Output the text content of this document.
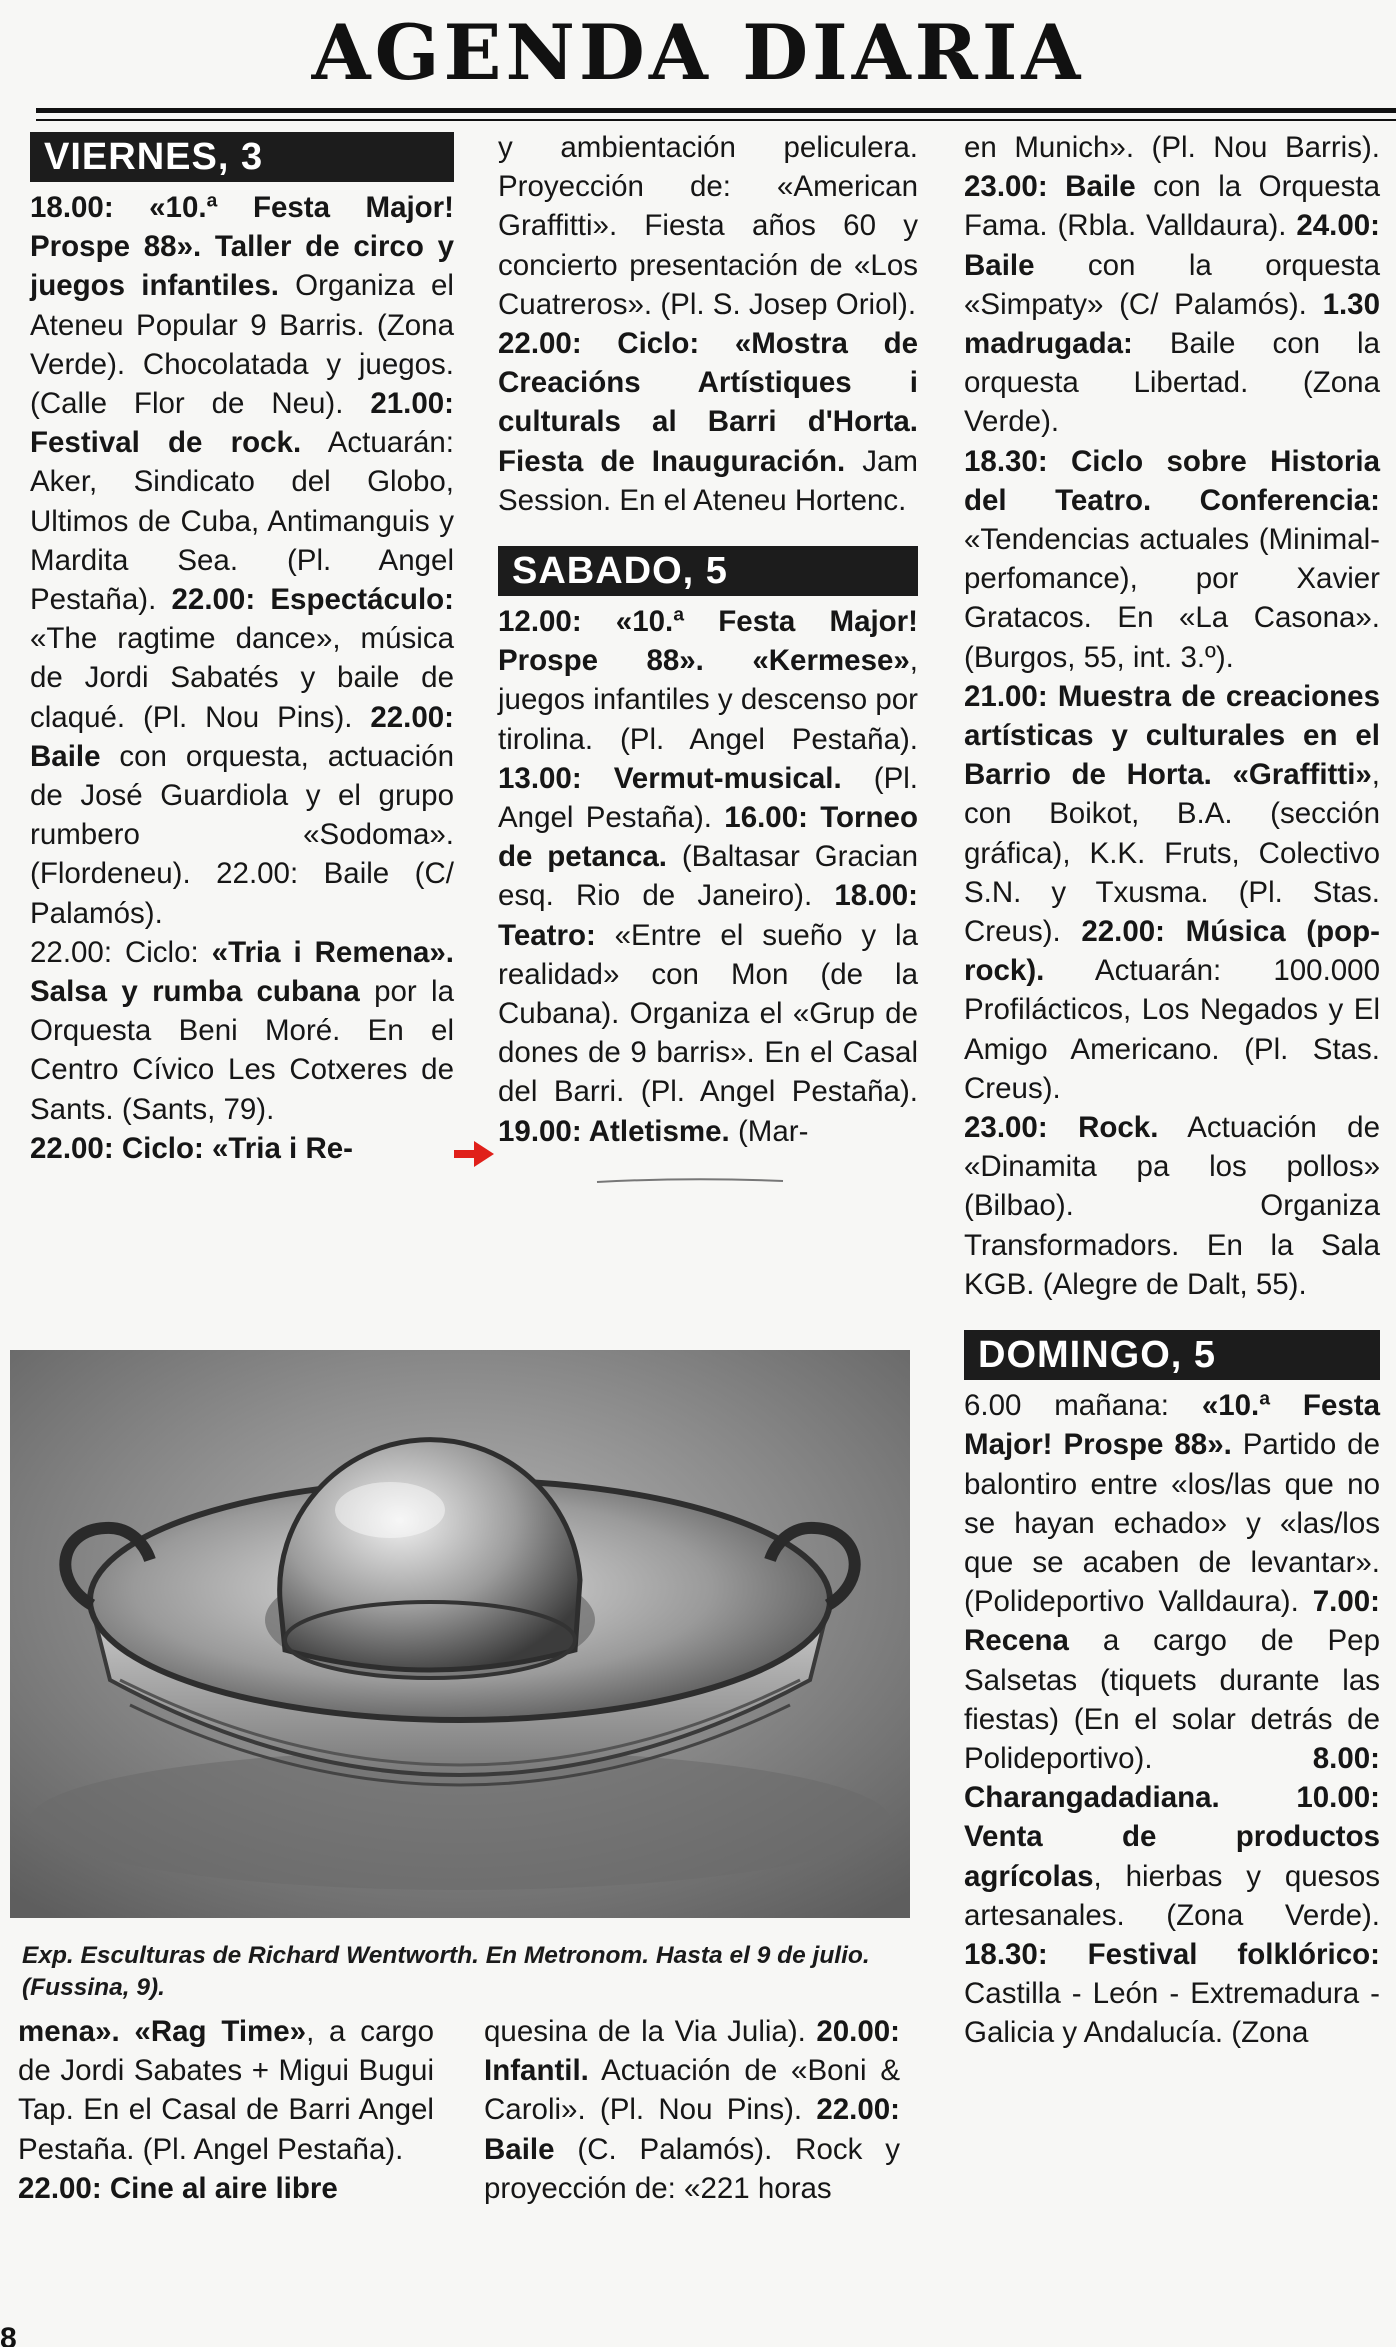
AGENDA DIARIA
VIERNES, 3

18.00: «10.ª Festa Major! Prospe 88». Taller de circo y juegos infantiles. Organiza el Ateneu Popular 9 Barris. (Zona Verde). Chocolatada y juegos. (Calle Flor de Neu). 21.00: Festival de rock. Actuarán: Aker, Sindicato del Globo, Ultimos de Cuba, Antimanguis y Mardita Sea. (Pl. Angel Pestaña). 22.00: Espectáculo: «The ragtime dance», música de Jordi Sabatés y baile de claqué. (Pl. Nou Pins). 22.00: Baile con orquesta, actuación de José Guardiola y el grupo rumbero «Sodoma». (Flordeneu). 22.00: Baile (C/ Palamós).

22.00: Ciclo: «Tria i Remena». Salsa y rumba cubana por la Orquesta Beni Moré. En el Centro Cívico Les Cotxeres de Sants. (Sants, 79).

22.00: Ciclo: «Tria i Re-

y ambientación peliculera. Proyección de: «American Graffitti». Fiesta años 60 y concierto presentación de «Los Cuatreros». (Pl. S. Josep Oriol).

22.00: Ciclo: «Mostra de Creacións Artístiques i culturals al Barri d'Horta. Fiesta de Inauguración. Jam Session. En el Ateneu Hortenc.

SABADO, 5

12.00: «10.ª Festa Major! Prospe 88». «Kermese», juegos infantiles y descenso por tirolina. (Pl. Angel Pestaña). 13.00: Vermut-musical. (Pl. Angel Pestaña). 16.00: Torneo de petanca. (Baltasar Gracian esq. Rio de Janeiro). 18.00: Teatro: «Entre el sueño y la realidad» con Mon (de la Cubana). Organiza el «Grup de dones de 9 barris». En el Casal del Barri. (Pl. Angel Pestaña). 19.00: Atletisme. (Mar-

en Munich». (Pl. Nou Barris). 23.00: Baile con la Orquesta Fama. (Rbla. Valldaura). 24.00: Baile con la orquesta «Simpaty» (C/ Palamós). 1.30 madrugada: Baile con la orquesta Libertad. (Zona Verde).

18.30: Ciclo sobre Historia del Teatro. Conferencia: «Tendencias actuales (Minimal-perfomance), por Xavier Gratacos. En «La Casona». (Burgos, 55, int. 3.º).

21.00: Muestra de creaciones artísticas y culturales en el Barrio de Horta. «Graffitti», con Boikot, B.A. (sección gráfica), K.K. Fruts, Colectivo S.N. y Txusma. (Pl. Stas. Creus). 22.00: Música (pop-rock). Actuarán: 100.000 Profilácticos, Los Negados y El Amigo Americano. (Pl. Stas. Creus).

23.00: Rock. Actuación de «Dinamita pa los pollos» (Bilbao). Organiza Transformadors. En la Sala KGB. (Alegre de Dalt, 55).

DOMINGO, 5

6.00 mañana: «10.ª Festa Major! Prospe 88». Partido de balontiro entre «los/las que no se hayan echado» y «las/los que se acaben de levantar». (Polideportivo Valldaura). 7.00: Recena a cargo de Pep Salsetas (tiquets durante las fiestas) (En el solar detrás de Polideportivo). 8.00: Charangadadiana. 10.00: Venta de productos agrícolas, hierbas y quesos artesanales. (Zona Verde). 18.30: Festival folklórico: Castilla - León - Extremadura - Galicia y Andalucía. (Zona

Exp. Esculturas de Richard Wentworth. En Metronom. Hasta el 9 de julio. (Fussina, 9).

mena». «Rag Time», a cargo de Jordi Sabates + Migui Bugui Tap. En el Casal de Barri Angel Pestaña. (Pl. Angel Pestaña).

22.00: Cine al aire libre

quesina de la Via Julia). 20.00: Infantil. Actuación de «Boni & Caroli». (Pl. Nou Pins). 22.00: Baile (C. Palamós). Rock y proyección de: «221 horas

8
